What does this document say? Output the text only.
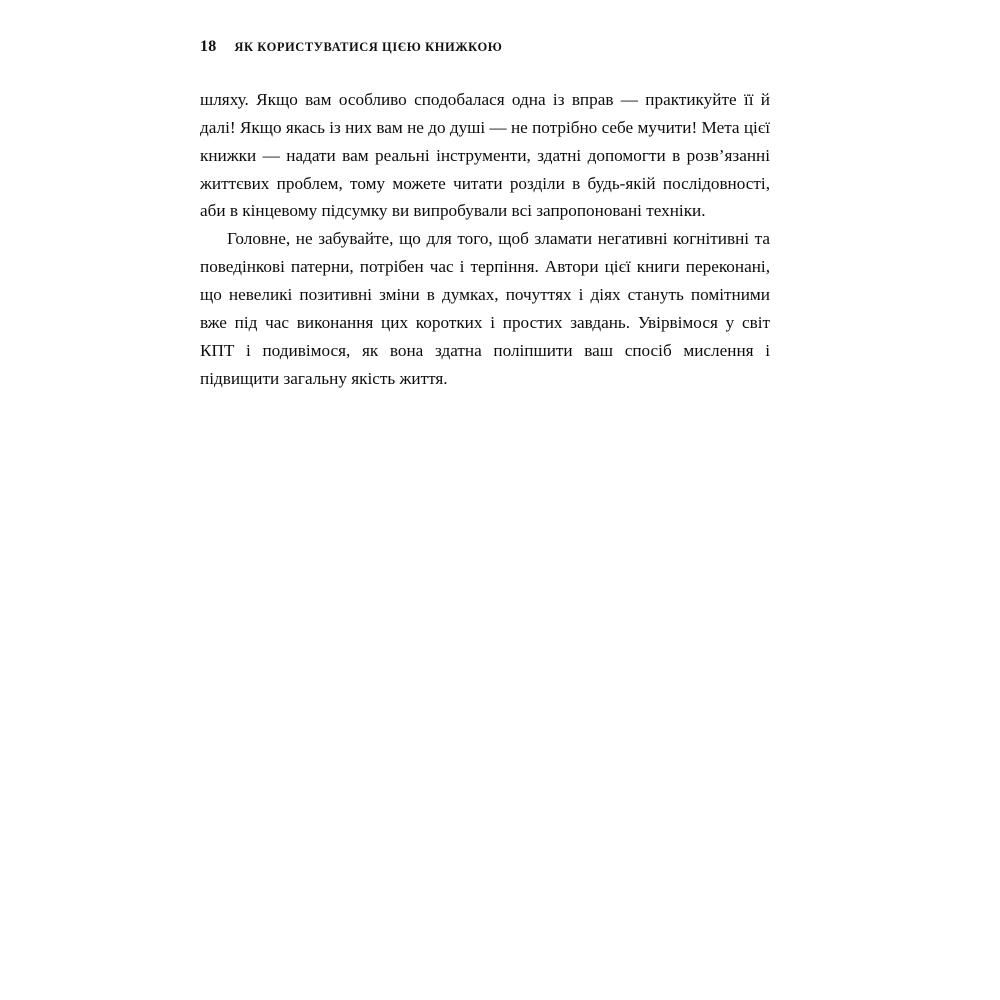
18 ЯК КОРИСТУВАТИСЯ ЦІЄЮ КНИЖКОЮ

шляху. Якщо вам особливо сподобалася одна із вправ — практикуйте її й далі! Якщо якась із них вам не до душі — не потрібно себе мучити! Мета цієї книжки — надати вам реальні інструменти, здатні допомогти в розв’язанні життєвих проблем, тому можете читати розділи в будь-якій послідовності, аби в кінцевому підсумку ви випробували всі запропоновані техніки.

Головне, не забувайте, що для того, щоб зламати негативні когнітивні та поведінкові патерни, потрібен час і терпіння. Автори цієї книги переконані, що невеликі позитивні зміни в думках, почуттях і діях стануть помітними вже під час виконання цих коротких і простих завдань. Увірвімося у світ КПТ і подивімося, як вона здатна поліпшити ваш спосіб мислення і підвищити загальну якість життя.
